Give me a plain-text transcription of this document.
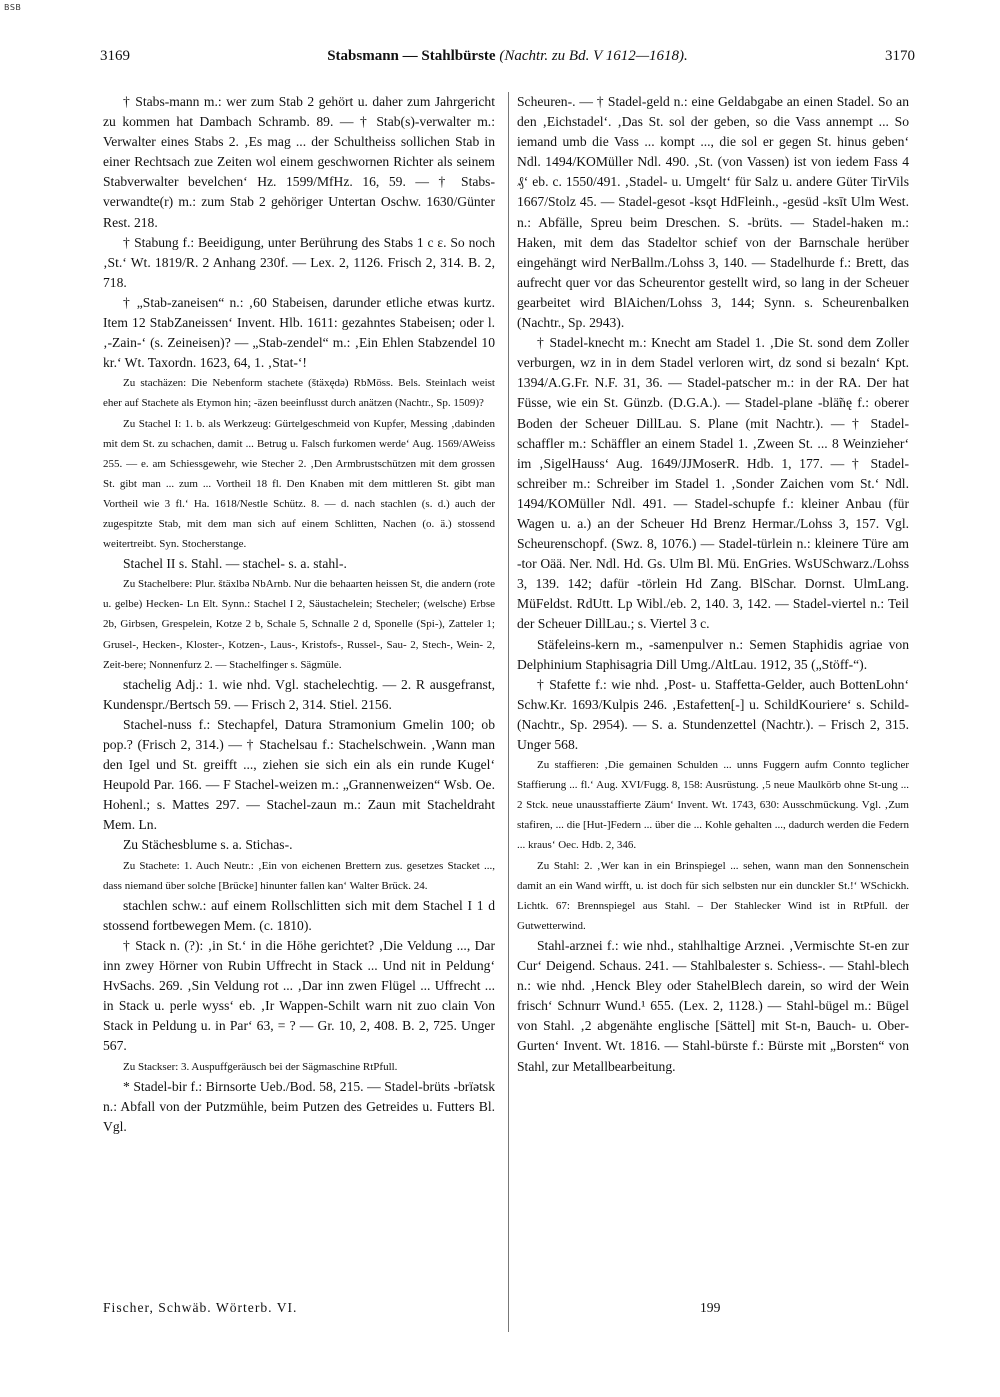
BSB
3169	Stabsmann — Stahlbürste (Nachtr. zu Bd. V 1612—1618).	3170

† Stabs-mann m.: wer zum Stab 2 gehört u. daher zum Jahrgericht zu kommen hat Dambach Schramb. 89. — † Stab(s)-verwalter m.: Verwalter eines Stabs 2. ‚Es mag ... der Schultheiss sollichen Stab in einer Rechtsach zue Zeiten wol einem geschwornen Richter als seinem Stabverwalter bevelchen‘ Hz. 1599/MfHz. 16, 59. — † Stabs-verwandte(r) m.: zum Stab 2 gehöriger Untertan Oschw. 1630/Günter Rest. 218.

† Stabung f.: Beeidigung, unter Berührung des Stabs 1 c ε. So noch ‚St.‘ Wt. 1819/R. 2 Anhang 230f. — Lex. 2, 1126. Frisch 2, 314. B. 2, 718.

† „Stab-zaneisen“ n.: ‚60 Stabeisen, darunder etliche etwas kurtz. Item 12 StabZaneissen‘ Invent. Hlb. 1611: gezahntes Stabeisen; oder l. ‚-Zain-‘ (s. Zeineisen)? — „Stab-zendel“ m.: ‚Ein Ehlen Stabzendel 10 kr.‘ Wt. Taxordn. 1623, 64, 1. ‚Stat-‘!

Zu stachäzen: Die Nebenform stachete (štäxędə) RbMöss. Bels. Steinlach weist eher auf Stachete als Etymon hin; -äzen beeinflusst durch anätzen (Nachtr., Sp. 1509)?

Zu Stachel I: 1. b. als Werkzeug: Gürtelgeschmeid von Kupfer, Messing ‚dabinden mit dem St. zu schachen, damit ... Betrug u. Falsch furkomen werde‘ Aug. 1569/AWeiss 255. — e. am Schiessgewehr, wie Stecher 2. ‚Den Armbrustschützen mit dem grossen St. gibt man ... zum ... Vortheil 18 fl. Den Knaben mit dem mittleren St. gibt man Vortheil wie 3 fl.‘ Ha. 1618/Nestle Schütz. 8. — d. nach stachlen (s. d.) auch der zugespitzte Stab, mit dem man sich auf einem Schlitten, Nachen (o. ä.) stossend weitertreibt. Syn. Stocherstange.

Stachel II s. Stahl. — stachel- s. a. stahl-.

Zu Stachelbere: Plur. štäxlbə NbArnb. Nur die behaarten heissen St, die andern (rote u. gelbe) Hecken- Ln Elt. Synn.: Stachel I 2, Säustachelein; Stecheler; (welsche) Erbse 2b, Girbsen, Grespelein, Kotze 2 b, Schale 5, Schnalle 2 d, Sponelle (Spi-), Zatteler 1; Grusel-, Hecken-, Kloster-, Kotzen-, Laus-, Kristofs-, Russel-, Sau- 2, Stech-, Wein- 2, Zeit-bere; Nonnenfurz 2. — Stachelfinger s. Sägmüle.

stachelig Adj.: 1. wie nhd. Vgl. stachelechtig. — 2. R ausgefranst, Kundenspr./Bertsch 59. — Frisch 2, 314. Stiel. 2156.

Stachel-nuss f.: Stechapfel, Datura Stramonium Gmelin 100; ob pop.? (Frisch 2, 314.) — † Stachelsau f.: Stachelschwein. ‚Wann man den Igel und St. greifft ..., ziehen sie sich ein als ein runde Kugel‘ Heupold Par. 166. — F Stachel-weizen m.: „Grannenweizen“ Wsb. Oe. Hohenl.; s. Mattes 297. — Stachel-zaun m.: Zaun mit Stacheldraht Mem. Ln.

Zu Stächesblume s. a. Stichas-.

Zu Stachete: 1. Auch Neutr.: ‚Ein von eichenen Brettern zus. gesetzes Stacket ..., dass niemand über solche [Brücke] hinunter fallen kan‘ Walter Brück. 24.

stachlen schw.: auf einem Rollschlitten sich mit dem Stachel I 1 d stossend fortbewegen Mem. (c. 1810).

† Stack n. (?): ‚in St.‘ in die Höhe gerichtet? ‚Die Veldung ..., Dar inn zwey Hörner von Rubin Uffrecht in Stack ... Und nit in Peldung‘ HvSachs. 269. ‚Sin Veldung rot ... ‚Dar inn zwen Flügel ... Uffrecht ... in Stack u. perle wyss‘ eb. ‚Ir Wappen-Schilt warn nit zuo clain Von Stack in Peldung u. in Par‘ 63, = ? — Gr. 10, 2, 408. B. 2, 725. Unger 567.

Zu Stackser: 3. Auspuffgeräusch bei der Sägmaschine RtPfull.

* Stadel-bir f.: Birnsorte Ueb./Bod. 58, 215. — Stadel-brüts -brïətsk n.: Abfall von der Putzmühle, beim Putzen des Getreides u. Futters Bl. Vgl.

Scheuren-. — † Stadel-geld n.: eine Geldabgabe an einen Stadel. So an den ‚Eichstadel‘. ‚Das St. sol der geben, so die Vass annempt ... So iemand umb die Vass ... kompt ..., die sol er gegen St. hinus geben‘ Ndl. 1494/KOMüller Ndl. 490. ‚St. (von Vassen) ist von iedem Fass 4 ₰‘ eb. c. 1550/491. ‚Stadel- u. Umgelt‘ für Salz u. andere Güter TirVils 1667/Stolz 45. — Stadel-gesot -ksǫt HdFleinh., -gesüd -ksīt Ulm West. n.: Abfälle, Spreu beim Dreschen. S. -brüts. — Stadel-haken m.: Haken, mit dem das Stadeltor schief von der Barnschale herüber eingehängt wird NerBallm./Lohss 3, 140. — Stadelhurde f.: Brett, das aufrecht quer vor das Scheurentor gestellt wird, so lang in der Scheuer gearbeitet wird BlAichen/Lohss 3, 144; Synn. s. Scheurenbalken (Nachtr., Sp. 2943).

† Stadel-knecht m.: Knecht am Stadel 1. ‚Die St. sond dem Zoller verburgen, wz in in dem Stadel verloren wirt, dz sond si bezaln‘ Kpt. 1394/A.G.Fr. N.F. 31, 36. — Stadel-patscher m.: in der RA. Der hat Füsse, wie ein St. Günzb. (D.G.A.). — Stadel-plane -blä̃nę f.: oberer Boden der Scheuer DillLau. S. Plane (mit Nachtr.). — † Stadel-schaffler m.: Schäffler an einem Stadel 1. ‚Zween St. ... 8 Weinzieher‘ im ‚SigelHauss‘ Aug. 1649/JJMoserR. Hdb. 1, 177. — † Stadel-schreiber m.: Schreiber im Stadel 1. ‚Sonder Zaichen vom St.‘ Ndl. 1494/KOMüller Ndl. 491. — Stadel-schupfe f.: kleiner Anbau (für Wagen u. a.) an der Scheuer Hd Brenz Hermar./Lohss 3, 157. Vgl. Scheurenschopf. (Swz. 8, 1076.) — Stadel-türlein n.: kleinere Türe am -tor Oää. Ner. Ndl. Hd. Gs. Ulm Bl. Mü. EnGries. WsUSchwarz./Lohss 3, 139. 142; dafür -törlein Hd Zang. BlSchar. Dornst. UlmLang. MüFeldst. RdUtt. Lp Wibl./eb. 2, 140. 3, 142. — Stadel-viertel n.: Teil der Scheuer DillLau.; s. Viertel 3 c.

Stäfeleins-kern m., -samenpulver n.: Semen Staphidis agriae von Delphinium Staphisagria Dill Umg./AltLau. 1912, 35 („Stöff-“).

† Stafette f.: wie nhd. ‚Post- u. Staffetta-Gelder, auch BottenLohn‘ Schw.Kr. 1693/Kulpis 246. ‚Estafetten[-] u. SchildKouriere‘ s. Schild- (Nachtr., Sp. 2954). — S. a. Stundenzettel (Nachtr.). – Frisch 2, 315. Unger 568.

Zu staffieren: ‚Die gemainen Schulden ... unns Fuggern aufm Connto teglicher Staffierung ... fl.‘ Aug. XVI/Fugg. 8, 158: Ausrüstung. ‚5 neue Maulkörb ohne St-ung ... 2 Stck. neue unausstaffierte Zäum‘ Invent. Wt. 1743, 630: Ausschmückung. Vgl. ‚Zum stafiren, ... die [Hut-]Federn ... über die ... Kohle gehalten ..., dadurch werden die Federn ... kraus‘ Oec. Hdb. 2, 346.

Zu Stahl: 2. ‚Wer kan in ein Brinspiegel ... sehen, wann man den Sonnenschein damit an ein Wand wirfft, u. ist doch für sich selbsten nur ein dunckler St.!‘ WSchickh. Lichtk. 67: Brennspiegel aus Stahl. – Der Stahlecker Wind ist in RtPfull. der Gutwetterwind.

Stahl-arznei f.: wie nhd., stahlhaltige Arznei. ‚Vermischte St-en zur Cur‘ Deigend. Schaus. 241. — Stahlbalester s. Schiess-. — Stahl-blech n.: wie nhd. ‚Henck Bley oder StahelBlech darein, so wird der Wein frisch‘ Schnurr Wund.¹ 655. (Lex. 2, 1128.) — Stahl-bügel m.: Bügel von Stahl. ‚2 abgenähte englische [Sättel] mit St-n, Bauch- u. Ober-Gurten‘ Invent. Wt. 1816. — Stahl-bürste f.: Bürste mit „Borsten“ von Stahl, zur Metallbearbeitung.

Fischer, Schwäb. Wörterb. VI.	199
